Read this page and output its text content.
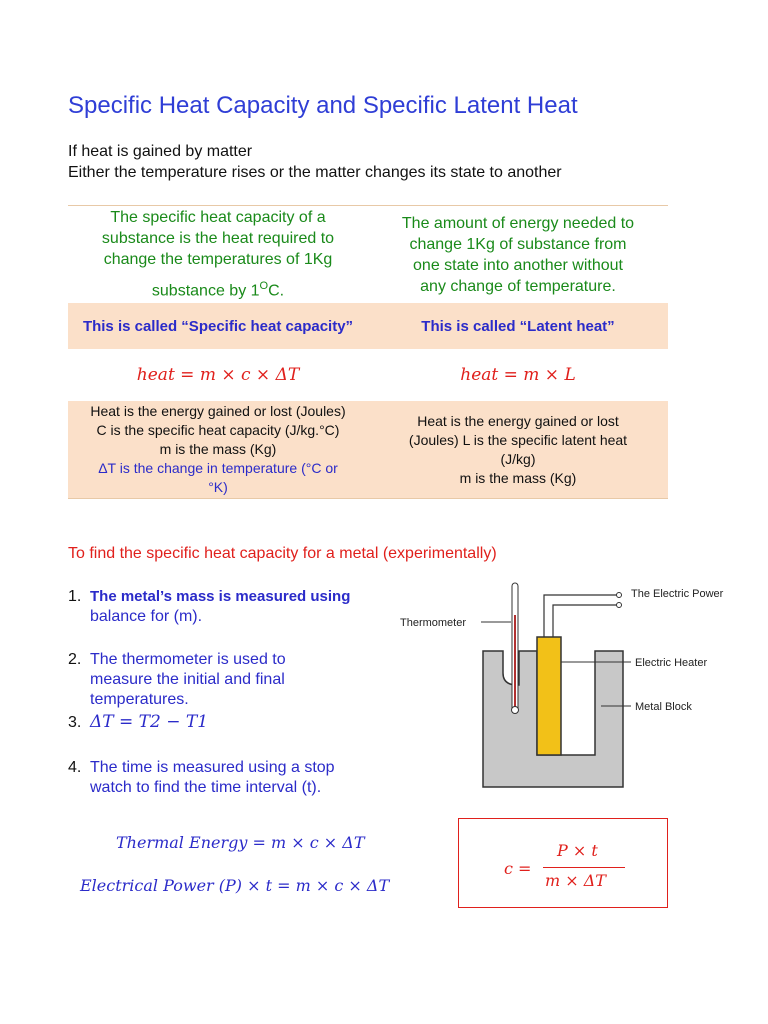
Specific Heat Capacity and Specific Latent Heat
If heat is gained by matter
Either the temperature rises or the matter changes its state to another
The specific heat capacity of a
substance is the heat required to
change the temperatures of 1Kg
substance by $1^OC$.
The amount of energy needed to
change 1Kg of substance from
one state into another without
any change of temperature.
This is called “Specific heat capacity”	This is called “Latent heat”
heat = m × c × ΔT	heat = m × L
Heat is the energy gained or lost (Joules)
C is the specific heat capacity (J/kg.°C)
m is the mass (Kg)
ΔT is the change in temperature (°C or
°K)
Heat is the energy gained or lost
(Joules) L is the specific latent heat
(J/kg)
m is the mass (Kg)
To find the specific heat capacity for a metal (experimentally)
1. The metal’s mass is measured using
balance for (m).
2. The thermometer is used to
measure the initial and final
temperatures.
3. ΔT = T2 − T1
4. The time is measured using a stop
watch to find the time interval (t).
Thermometer
The Electric Power
Electric Heater
Metal Block
Thermal Energy = m × c × ΔT
Electrical Power (P) × t = m × c × ΔT
c =
P × t
m × ΔT
